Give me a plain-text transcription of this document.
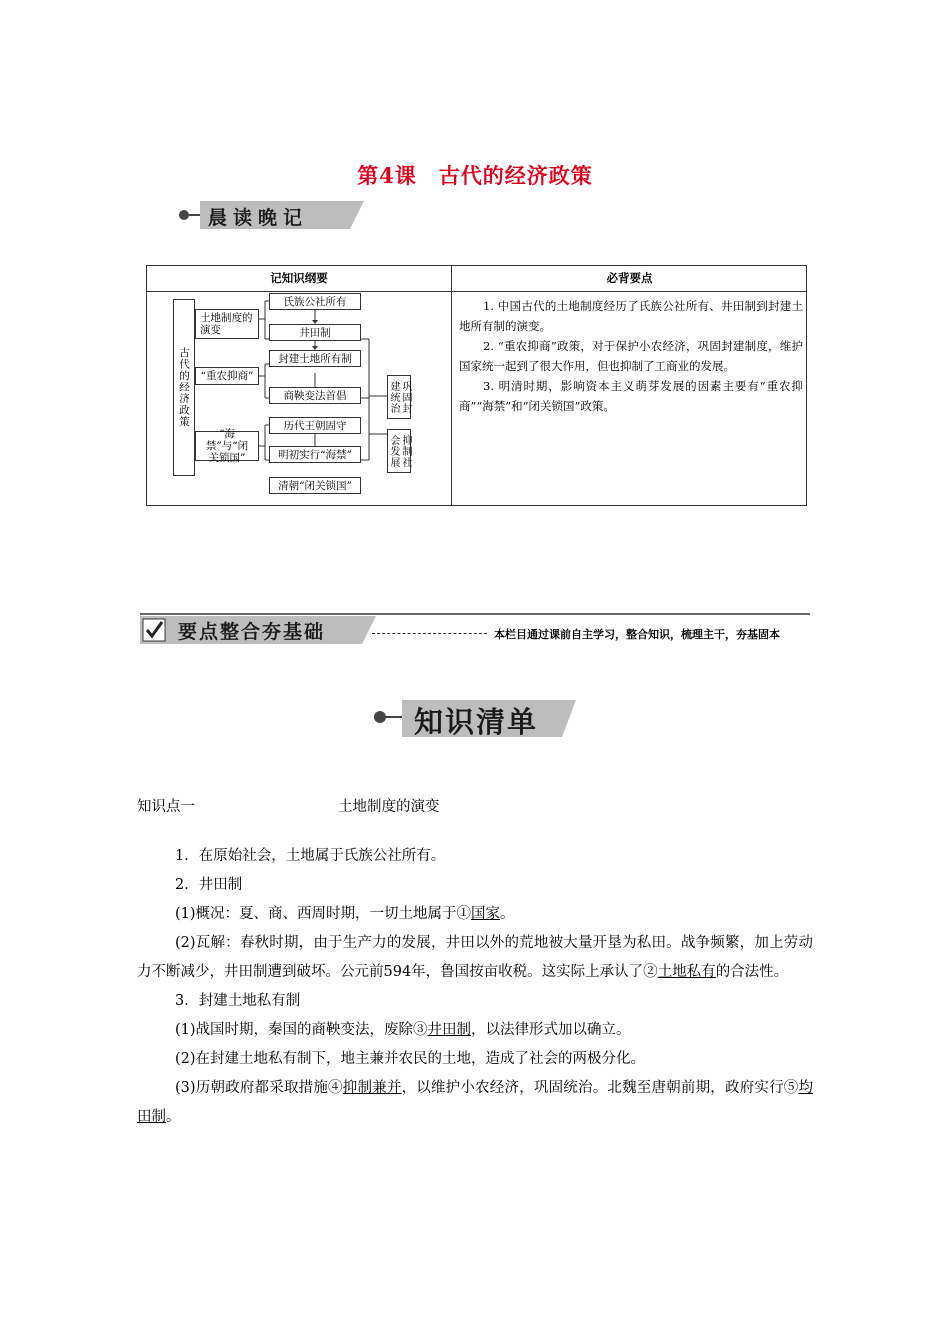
第4课　古代的经济政策
晨读晚记
记知识纲要	必背要点
古代的经济政策
土地制度的演变
“重农抑商”
“海禁”与“闭关锁国”
氏族公社所有
井田制
封建土地所有制
商鞅变法首倡
历代王朝固守
明初实行“海禁”
清朝“闭关锁国”
巩固封建统治
抑制社会发展

1. 中国古代的土地制度经历了氏族公社所有、井田制到封建土地所有制的演变。

2. “重农抑商”政策，对于保护小农经济，巩固封建制度，维护国家统一起到了很大作用，但也抑制了工商业的发展。

3. 明清时期，影响资本主义萌芽发展的因素主要有“重农抑商”“海禁”和“闭关锁国”政策。

要点整合夯基础	本栏目通过课前自主学习，整合知识，梳理主干，夯基固本
知识清单
知识点一	土地制度的演变

1．在原始社会，土地属于氏族公社所有。

2．井田制

(1)概况：夏、商、西周时期，一切土地属于①国家。

(2)瓦解：春秋时期，由于生产力的发展，井田以外的荒地被大量开垦为私田。战争频繁，加上劳动力不断减少，井田制遭到破坏。公元前594年，鲁国按亩收税。这实际上承认了②土地私有的合法性。

3．封建土地私有制

(1)战国时期，秦国的商鞅变法，废除③井田制，以法律形式加以确立。

(2)在封建土地私有制下，地主兼并农民的土地，造成了社会的两极分化。

(3)历朝政府都采取措施④抑制兼并，以维护小农经济，巩固统治。北魏至唐朝前期，政府实行⑤均田制。
